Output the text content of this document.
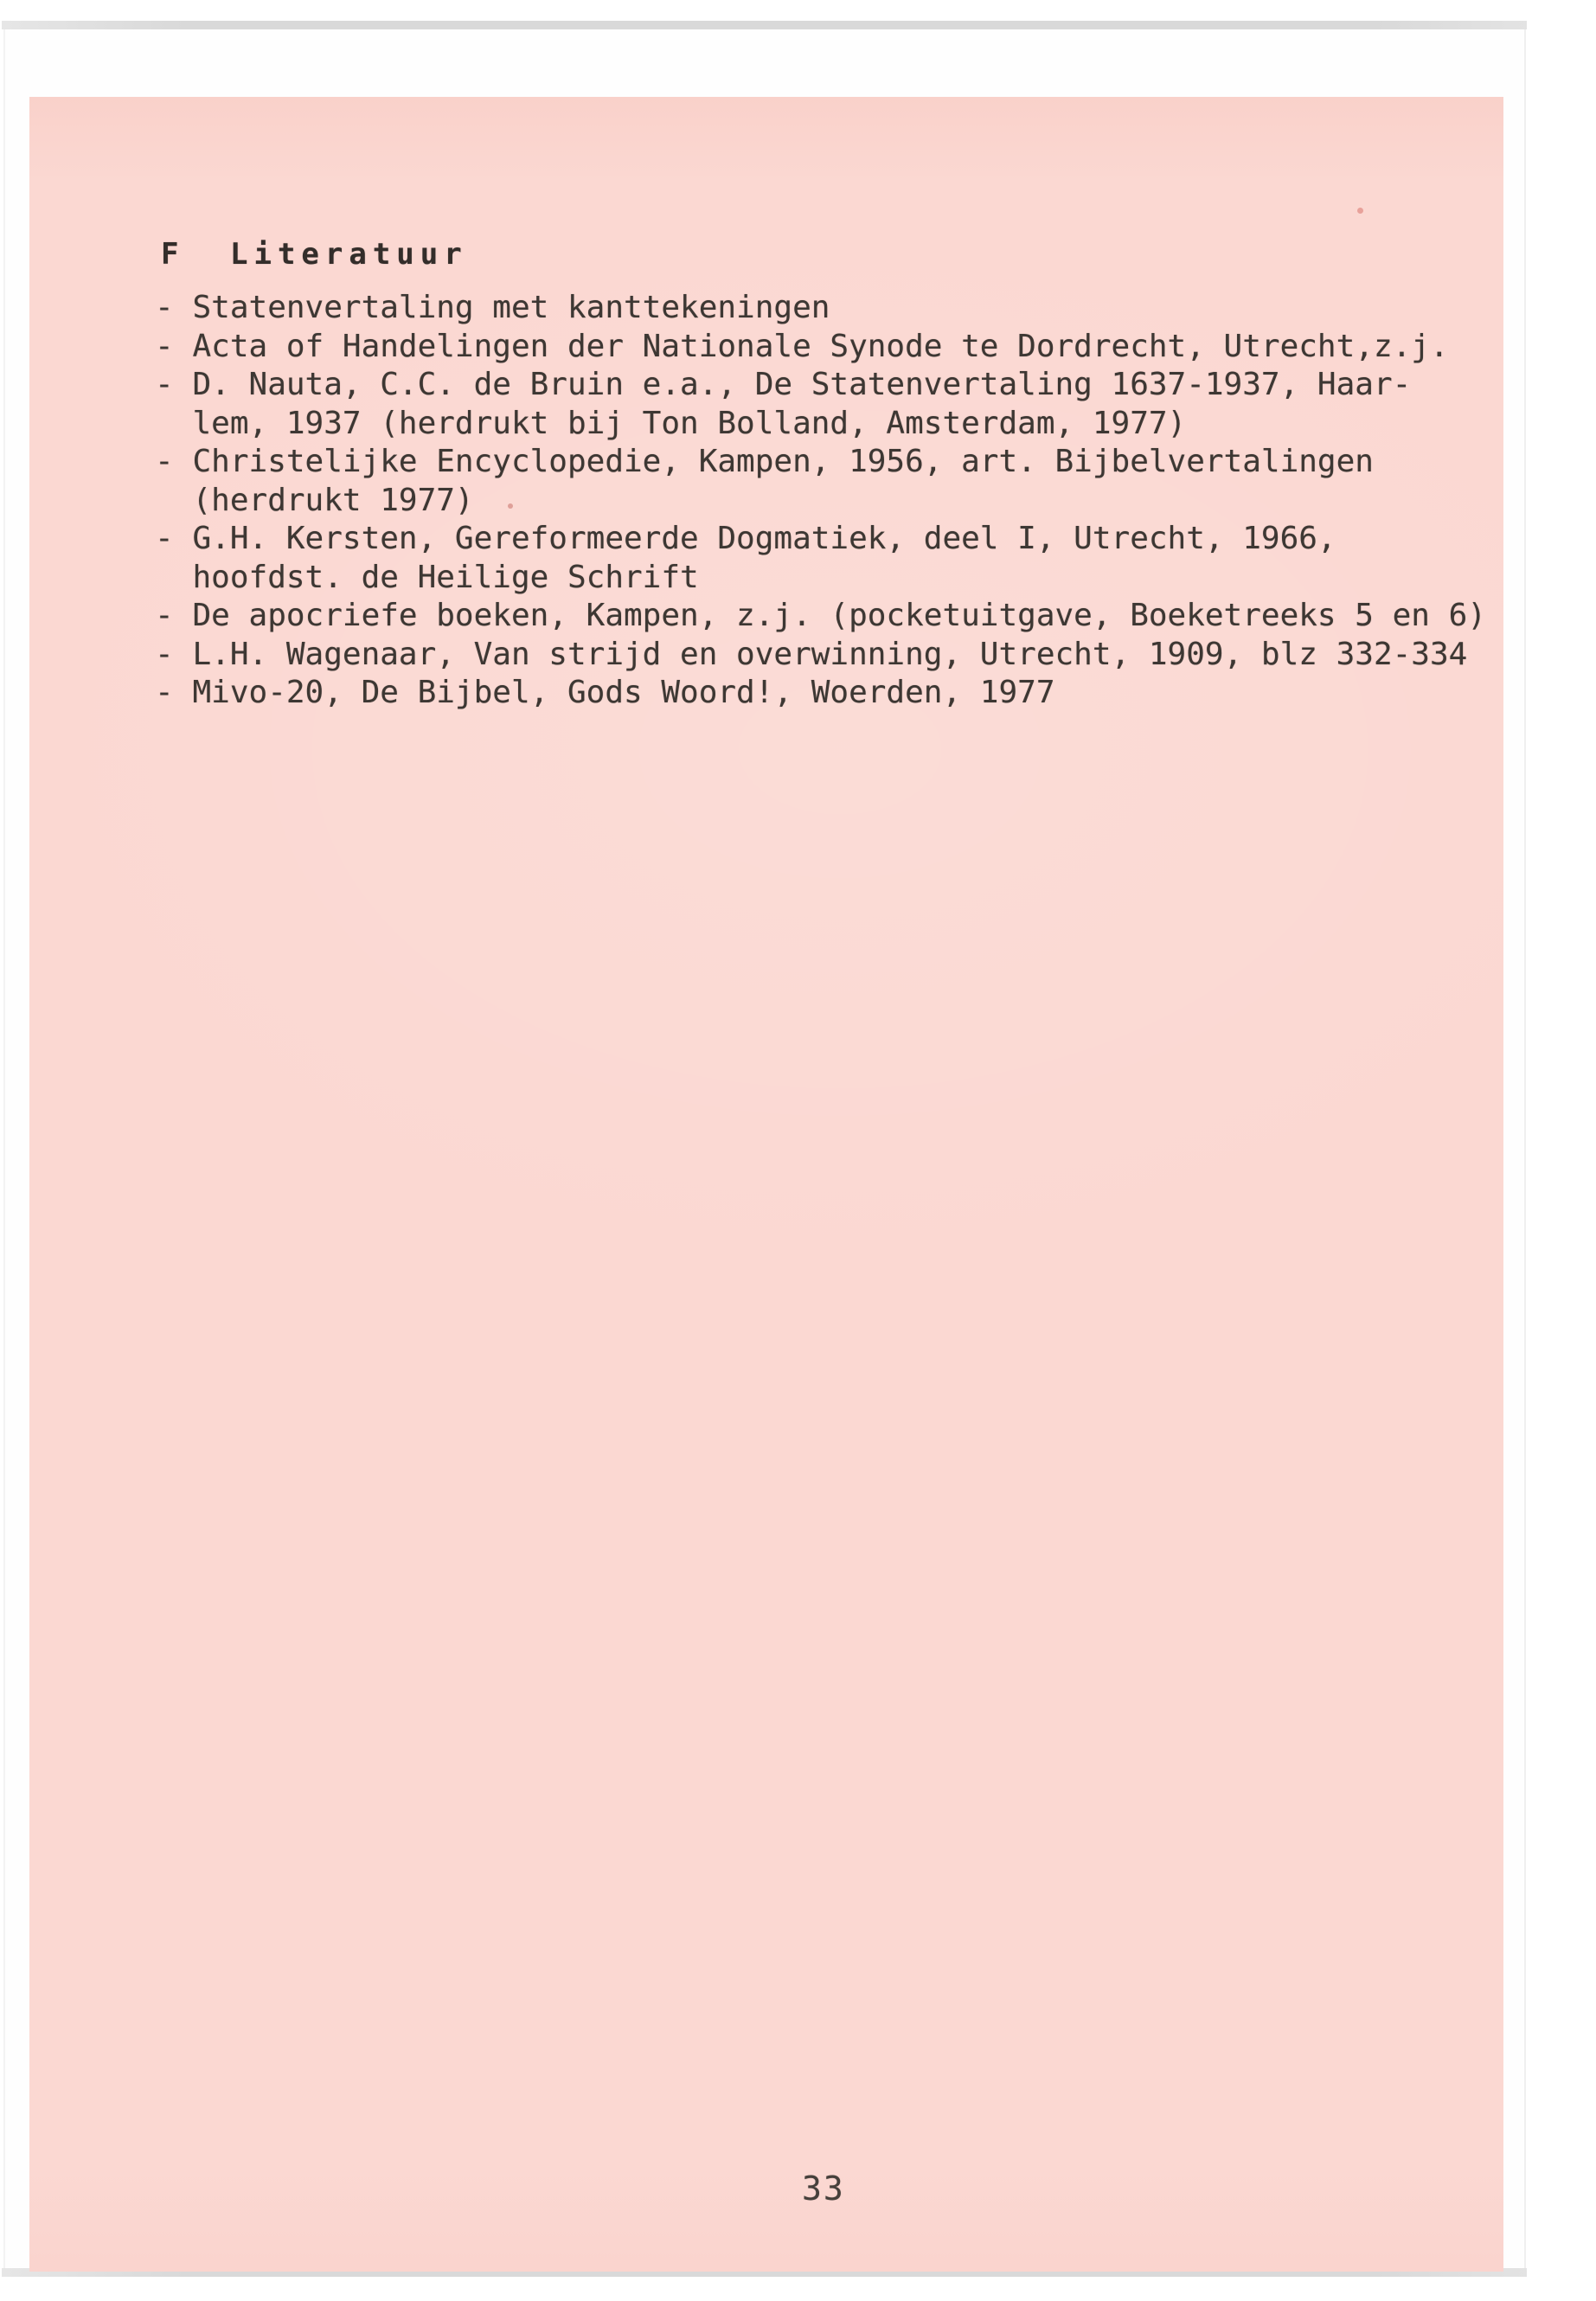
F Literatuur
- Statenvertaling met kanttekeningen
- Acta of Handelingen der Nationale Synode te Dordrecht, Utrecht,z.j.
- D. Nauta, C.C. de Bruin e.a., De Statenvertaling 1637-1937, Haar-
lem, 1937 (herdrukt bij Ton Bolland, Amsterdam, 1977)
- Christelijke Encyclopedie, Kampen, 1956, art. Bijbelvertalingen
(herdrukt 1977)
- G.H. Kersten, Gereformeerde Dogmatiek, deel I, Utrecht, 1966,
hoofdst. de Heilige Schrift
- De apocriefe boeken, Kampen, z.j. (pocketuitgave, Boeketreeks 5 en 6)
- L.H. Wagenaar, Van strijd en overwinning, Utrecht, 1909, blz 332-334
- Mivo-20, De Bijbel, Gods Woord!, Woerden, 1977
33
